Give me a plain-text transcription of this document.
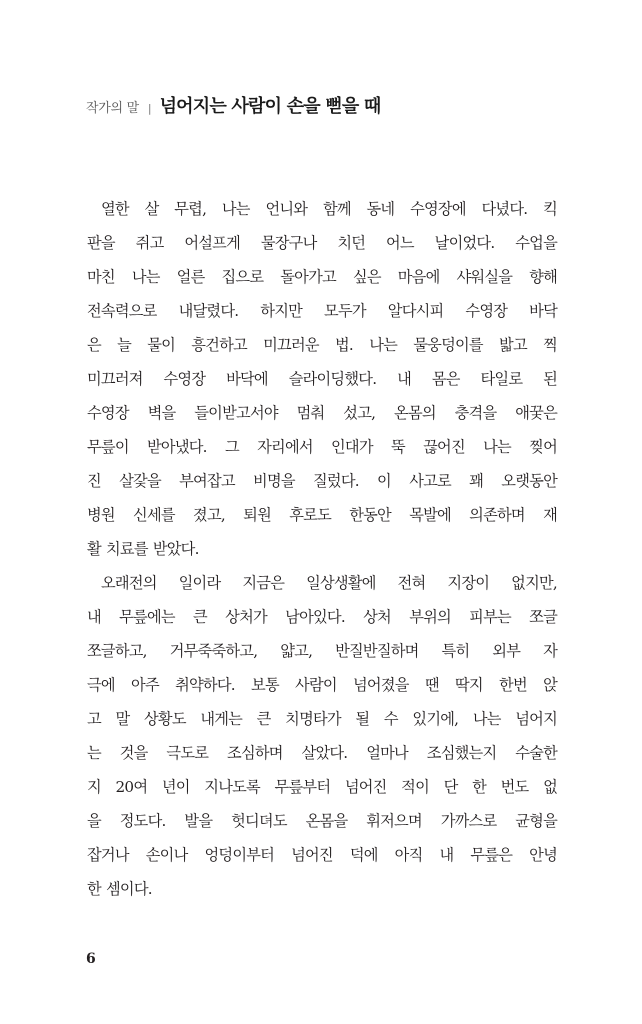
작가의 말 | 넘어지는 사람이 손을 뻗을 때
열한 살 무렵, 나는 언니와 함께 동네 수영장에 다녔다. 킥
판을 쥐고 어설프게 물장구나 치던 어느 날이었다. 수업을
마친 나는 얼른 집으로 돌아가고 싶은 마음에 샤워실을 향해
전속력으로 내달렸다. 하지만 모두가 알다시피 수영장 바닥
은 늘 물이 흥건하고 미끄러운 법. 나는 물웅덩이를 밟고 찍
미끄러져 수영장 바닥에 슬라이딩했다. 내 몸은 타일로 된
수영장 벽을 들이받고서야 멈춰 섰고, 온몸의 충격을 애꿎은
무릎이 받아냈다. 그 자리에서 인대가 뚝 끊어진 나는 찢어
진 살갗을 부여잡고 비명을 질렀다. 이 사고로 꽤 오랫동안
병원 신세를 졌고, 퇴원 후로도 한동안 목발에 의존하며 재
활 치료를 받았다.
오래전의 일이라 지금은 일상생활에 전혀 지장이 없지만,
내 무릎에는 큰 상처가 남아있다. 상처 부위의 피부는 쪼글
쪼글하고, 거무죽죽하고, 얇고, 반질반질하며 특히 외부 자
극에 아주 취약하다. 보통 사람이 넘어졌을 땐 딱지 한번 앉
고 말 상황도 내게는 큰 치명타가 될 수 있기에, 나는 넘어지
는 것을 극도로 조심하며 살았다. 얼마나 조심했는지 수술한
지 20여 년이 지나도록 무릎부터 넘어진 적이 단 한 번도 없
을 정도다. 발을 헛디뎌도 온몸을 휘저으며 가까스로 균형을
잡거나 손이나 엉덩이부터 넘어진 덕에 아직 내 무릎은 안녕
한 셈이다.
6
